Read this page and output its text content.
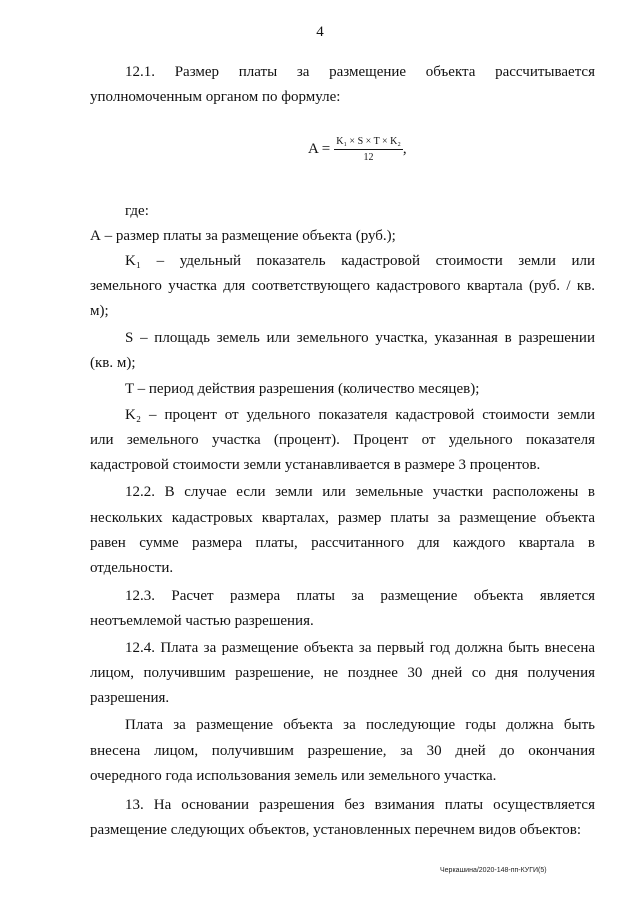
4
12.1. Размер платы за размещение объекта рассчитывается
уполномоченным органом по формуле:
$A = \frac{\text{K₁ × S × T × K₂}}{12}$ ,
где:
А – размер платы за размещение объекта (руб.);
K₁ – удельный показатель кадастровой стоимости земли или
земельного участка для соответствующего кадастрового квартала (руб. / кв.
м);
S – площадь земель или земельного участка, указанная в разрешении
(кв. м);
T – период действия разрешения (количество месяцев);
K₂ – процент от удельного показателя кадастровой стоимости земли
или земельного участка (процент). Процент от удельного показателя
кадастровой стоимости земли устанавливается в размере 3 процентов.
12.2. В случае если земли или земельные участки расположены в
нескольких кадастровых кварталах, размер платы за размещение объекта
равен сумме размера платы, рассчитанного для каждого квартала в
отдельности.
12.3. Расчет размера платы за размещение объекта является
неотъемлемой частью разрешения.
12.4. Плата за размещение объекта за первый год должна быть внесена
лицом, получившим разрешение, не позднее 30 дней со дня получения
разрешения.
Плата за размещение объекта за последующие годы должна быть
внесена лицом, получившим разрешение, за 30 дней до окончания
очередного года использования земель или земельного участка.
13. На основании разрешения без взимания платы осуществляется
размещение следующих объектов, установленных перечнем видов объектов:
Черкашина/2020-148-пп-КУГИ(5)
